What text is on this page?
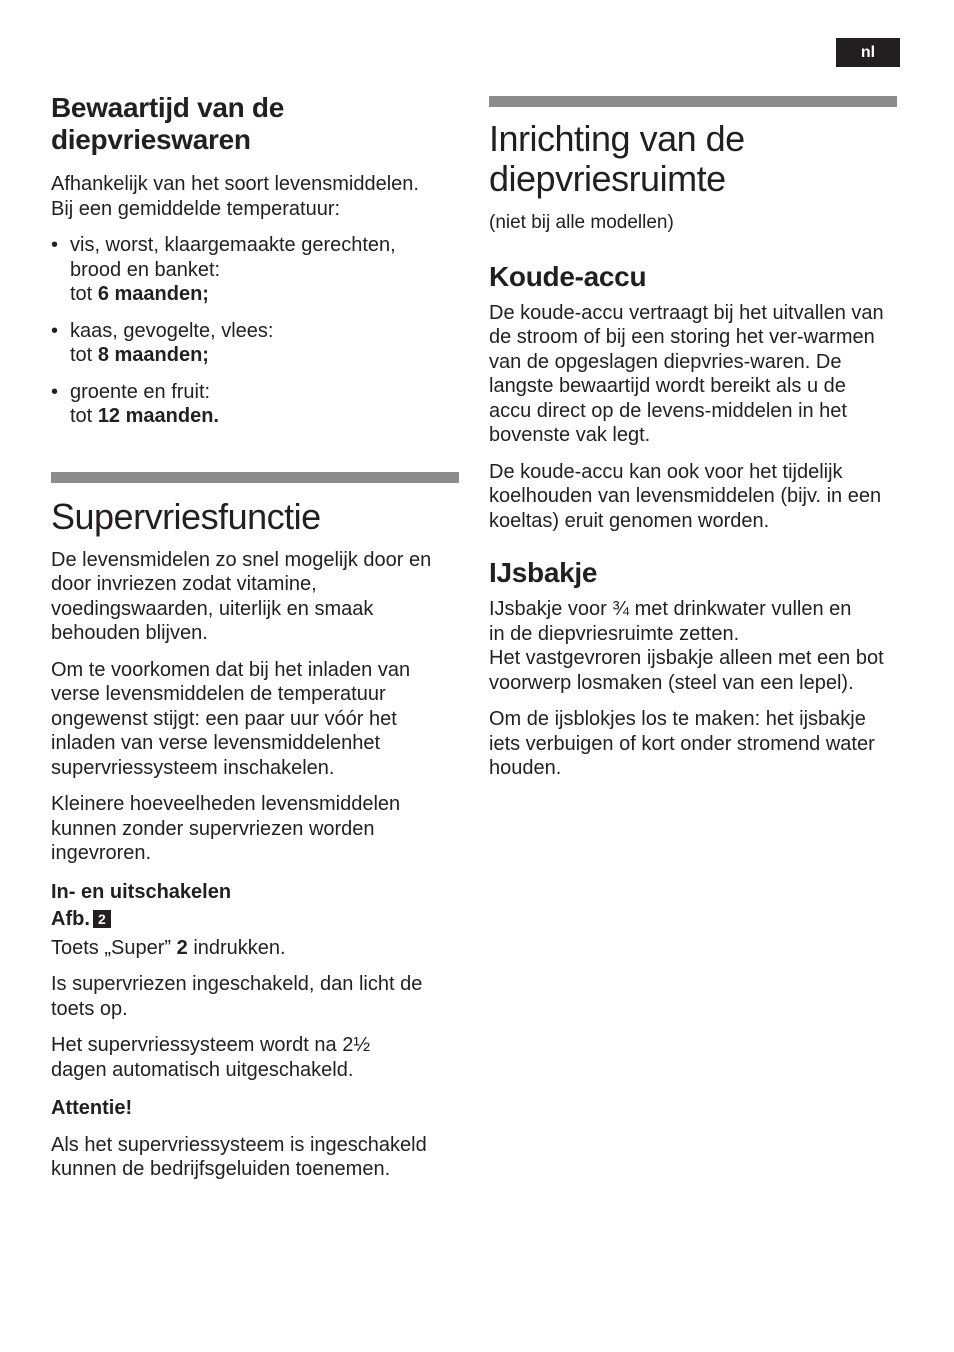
nl
Bewaartijd van de diepvrieswaren

Afhankelijk van het soort levensmiddelen.

Bij een gemiddelde temperatuur:

• vis, worst, klaargemaakte gerechten, brood en banket:
tot 6 maanden;
• kaas, gevogelte, vlees:
tot 8 maanden;
• groente en fruit:
tot 12 maanden.
Supervriesfunctie

De levensmidelen zo snel mogelijk door en door invriezen zodat vitamine, voedingswaarden, uiterlijk en smaak behouden blijven.

Om te voorkomen dat bij het inladen van verse levensmiddelen de temperatuur ongewenst stijgt: een paar uur vóór het inladen van verse levensmiddelenhet supervriessysteem inschakelen.

Kleinere hoeveelheden levensmiddelen kunnen zonder supervriezen worden ingevroren.

In- en uitschakelen

Afb. 2

Toets „Super” 2 indrukken.

Is supervriezen ingeschakeld, dan licht de toets op.

Het supervriessysteem wordt na 2½ dagen automatisch uitgeschakeld.

Attentie!

Als het supervriessysteem is ingeschakeld kunnen de bedrijfsgeluiden toenemen.

Inrichting van de diepvriesruimte

(niet bij alle modellen)

Koude-accu

De koude-accu vertraagt bij het uitvallen van de stroom of bij een storing het ver-warmen van de opgeslagen diepvries-waren. De langste bewaartijd wordt bereikt als u de accu direct op de levens-middelen in het bovenste vak legt.

De koude-accu kan ook voor het tijdelijk koelhouden van levensmiddelen (bijv. in een koeltas) eruit genomen worden.

IJsbakje

IJsbakje voor ¾ met drinkwater vullen en in de diepvriesruimte zetten.

Het vastgevroren ijsbakje alleen met een bot voorwerp losmaken (steel van een lepel).

Om de ijsblokjes los te maken: het ijsbakje iets verbuigen of kort onder stromend water houden.
